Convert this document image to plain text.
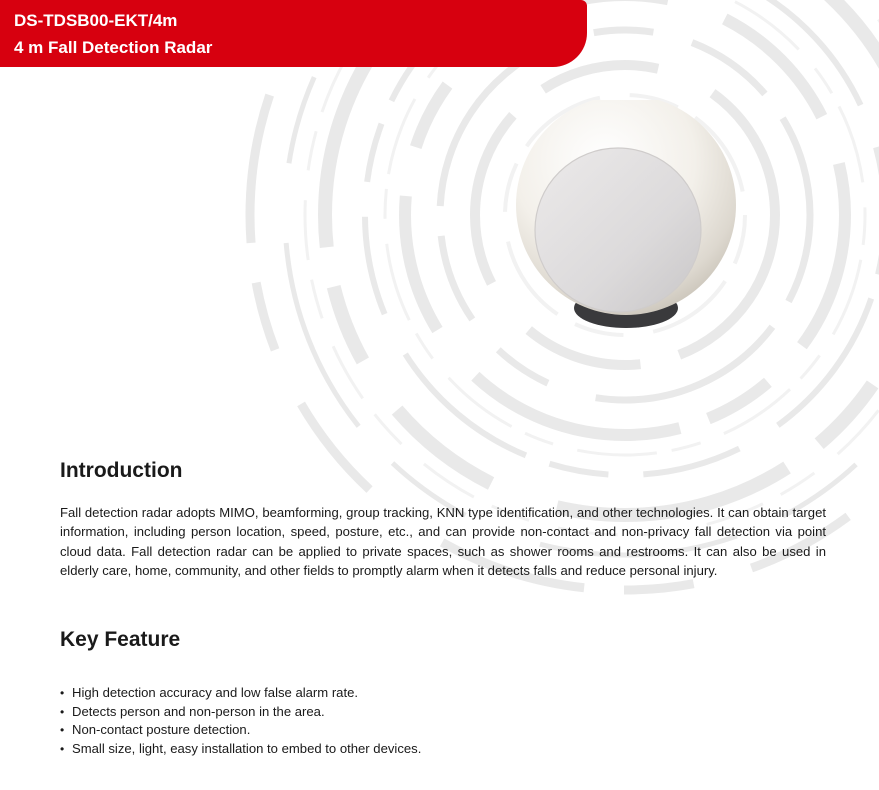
DS-TDSB00-EKT/4m
4 m Fall Detection Radar
Introduction
Fall detection radar adopts MIMO, beamforming, group tracking, KNN type identification, and other technologies. It can obtain target information, including person location, speed, posture, etc., and can provide non-contact and non-privacy fall detection via point cloud data. Fall detection radar can be applied to private spaces, such as shower rooms and restrooms. It can also be used in elderly care, home, community, and other fields to promptly alarm when it detects falls and reduce personal injury.
Key Feature
• High detection accuracy and low false alarm rate.
• Detects person and non-person in the area.
• Non-contact posture detection.
• Small size, light, easy installation to embed to other devices.
